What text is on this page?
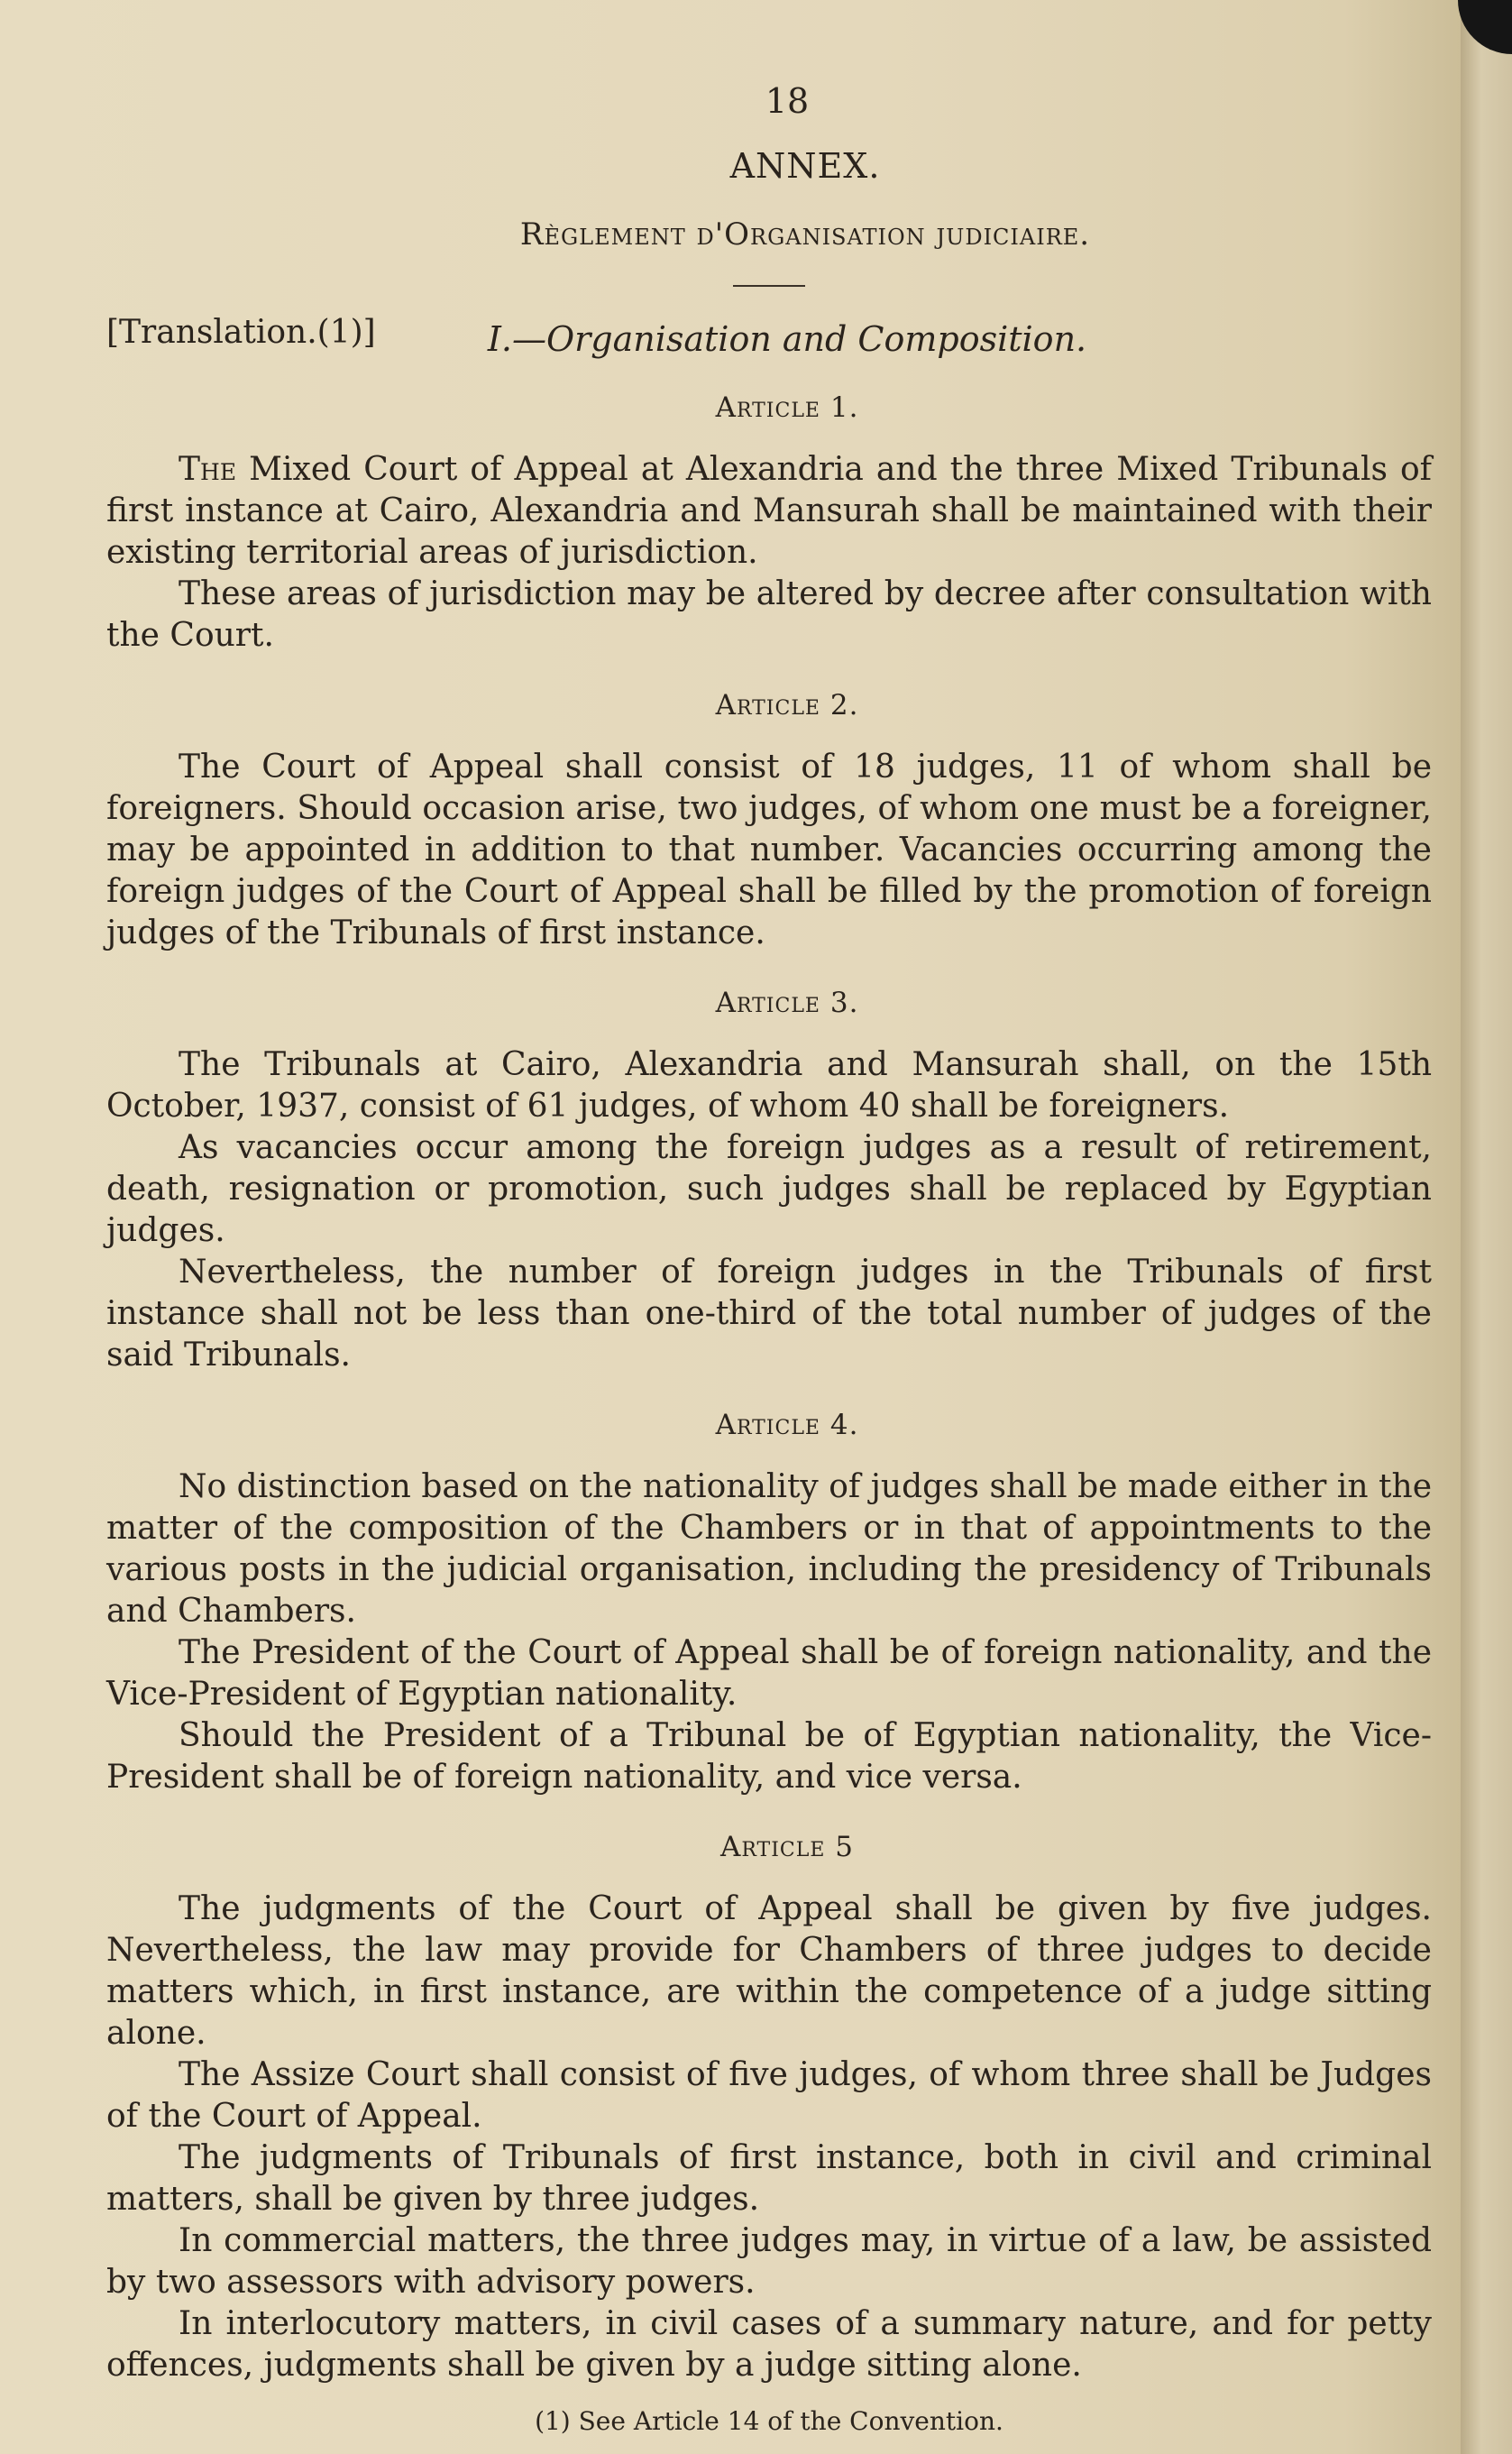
18
ANNEX.
Règlement d'Organisation judiciaire.
[Translation.(1)]	I.—Organisation and Composition.
Article 1.

The Mixed Court of Appeal at Alexandria and the three Mixed Tribunals of first instance at Cairo, Alexandria and Mansurah shall be maintained with their existing territorial areas of jurisdiction.

These areas of jurisdiction may be altered by decree after consultation with the Court.

Article 2.

The Court of Appeal shall consist of 18 judges, 11 of whom shall be foreigners. Should occasion arise, two judges, of whom one must be a foreigner, may be appointed in addition to that number. Vacancies occurring among the foreign judges of the Court of Appeal shall be filled by the promotion of foreign judges of the Tribunals of first instance.

Article 3.

The Tribunals at Cairo, Alexandria and Mansurah shall, on the 15th October, 1937, consist of 61 judges, of whom 40 shall be foreigners.

As vacancies occur among the foreign judges as a result of retirement, death, resignation or promotion, such judges shall be replaced by Egyptian judges.

Nevertheless, the number of foreign judges in the Tribunals of first instance shall not be less than one-third of the total number of judges of the said Tribunals.

Article 4.

No distinction based on the nationality of judges shall be made either in the matter of the composition of the Chambers or in that of appointments to the various posts in the judicial organisation, including the presidency of Tribunals and Chambers.

The President of the Court of Appeal shall be of foreign nationality, and the Vice-President of Egyptian nationality.

Should the President of a Tribunal be of Egyptian nationality, the Vice-President shall be of foreign nationality, and vice versa.

Article 5

The judgments of the Court of Appeal shall be given by five judges. Nevertheless, the law may provide for Chambers of three judges to decide matters which, in first instance, are within the competence of a judge sitting alone.

The Assize Court shall consist of five judges, of whom three shall be Judges of the Court of Appeal.

The judgments of Tribunals of first instance, both in civil and criminal matters, shall be given by three judges.

In commercial matters, the three judges may, in virtue of a law, be assisted by two assessors with advisory powers.

In interlocutory matters, in civil cases of a summary nature, and for petty offences, judgments shall be given by a judge sitting alone.

(1) See Article 14 of the Convention.
